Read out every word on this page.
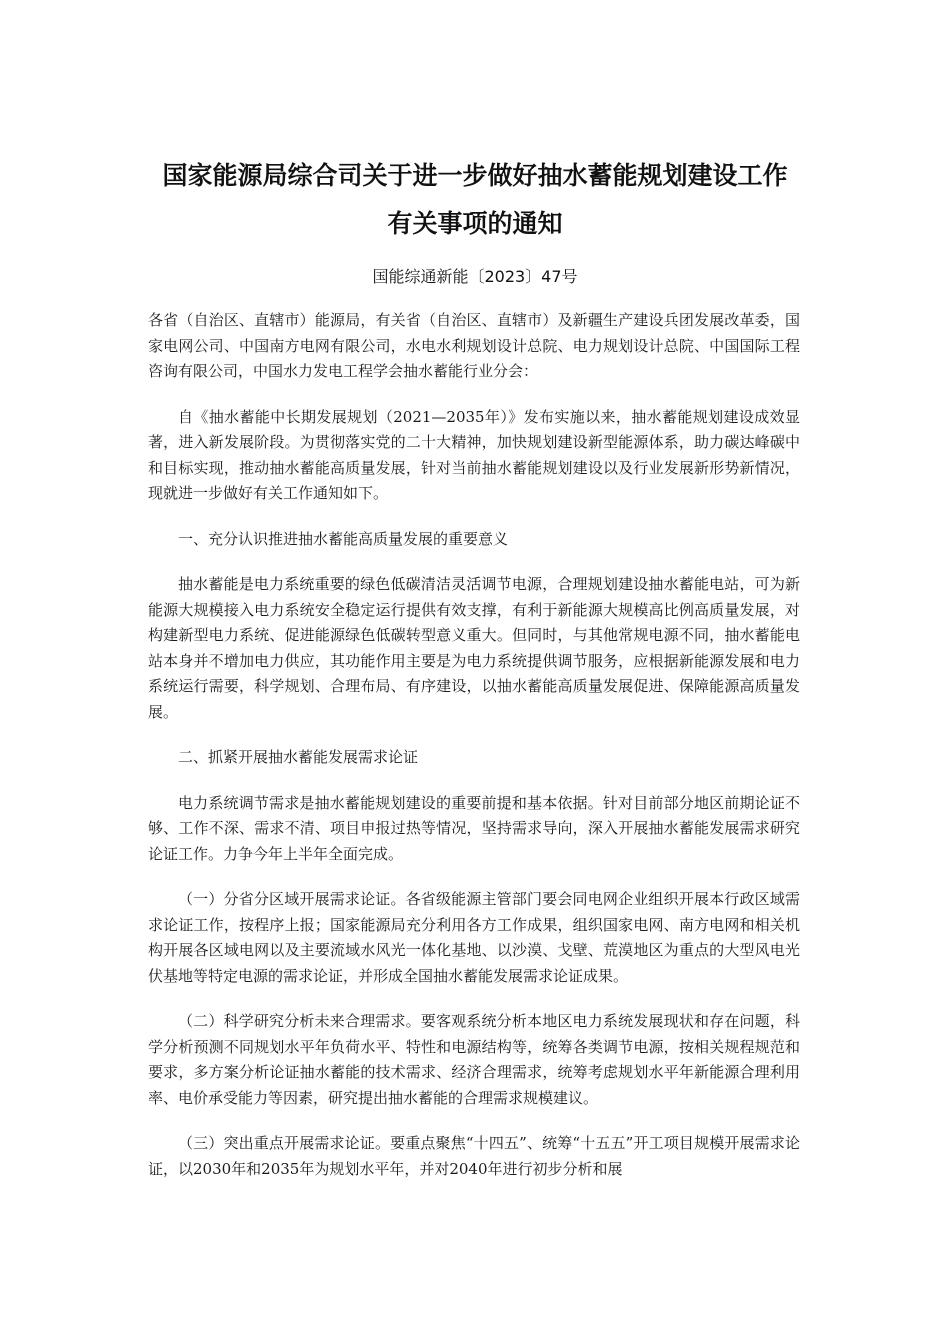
国家能源局综合司关于进一步做好抽水蓄能规划建设工作
有关事项的通知
国能综通新能〔2023〕47号

各省（自治区、直辖市）能源局，有关省（自治区、直辖市）及新疆生产建设兵团发展改革委，国家电网公司、中国南方电网有限公司，水电水利规划设计总院、电力规划设计总院、中国国际工程咨询有限公司，中国水力发电工程学会抽水蓄能行业分会：

自《抽水蓄能中长期发展规划（2021—2035年）》发布实施以来，抽水蓄能规划建设成效显著，进入新发展阶段。为贯彻落实党的二十大精神，加快规划建设新型能源体系，助力碳达峰碳中和目标实现，推动抽水蓄能高质量发展，针对当前抽水蓄能规划建设以及行业发展新形势新情况，现就进一步做好有关工作通知如下。

一、充分认识推进抽水蓄能高质量发展的重要意义

抽水蓄能是电力系统重要的绿色低碳清洁灵活调节电源，合理规划建设抽水蓄能电站，可为新能源大规模接入电力系统安全稳定运行提供有效支撑，有利于新能源大规模高比例高质量发展，对构建新型电力系统、促进能源绿色低碳转型意义重大。但同时，与其他常规电源不同，抽水蓄能电站本身并不增加电力供应，其功能作用主要是为电力系统提供调节服务，应根据新能源发展和电力系统运行需要，科学规划、合理布局、有序建设，以抽水蓄能高质量发展促进、保障能源高质量发展。

二、抓紧开展抽水蓄能发展需求论证

电力系统调节需求是抽水蓄能规划建设的重要前提和基本依据。针对目前部分地区前期论证不够、工作不深、需求不清、项目申报过热等情况，坚持需求导向，深入开展抽水蓄能发展需求研究论证工作。力争今年上半年全面完成。

（一）分省分区域开展需求论证。各省级能源主管部门要会同电网企业组织开展本行政区域需求论证工作，按程序上报；国家能源局充分利用各方工作成果，组织国家电网、南方电网和相关机构开展各区域电网以及主要流域水风光一体化基地、以沙漠、戈壁、荒漠地区为重点的大型风电光伏基地等特定电源的需求论证，并形成全国抽水蓄能发展需求论证成果。

（二）科学研究分析未来合理需求。要客观系统分析本地区电力系统发展现状和存在问题，科学分析预测不同规划水平年负荷水平、特性和电源结构等，统筹各类调节电源，按相关规程规范和要求，多方案分析论证抽水蓄能的技术需求、经济合理需求，统筹考虑规划水平年新能源合理利用率、电价承受能力等因素，研究提出抽水蓄能的合理需求规模建议。

（三）突出重点开展需求论证。要重点聚焦“十四五”、统筹“十五五”开工项目规模开展需求论证，以2030年和2035年为规划水平年，并对2040年进行初步分析和展
